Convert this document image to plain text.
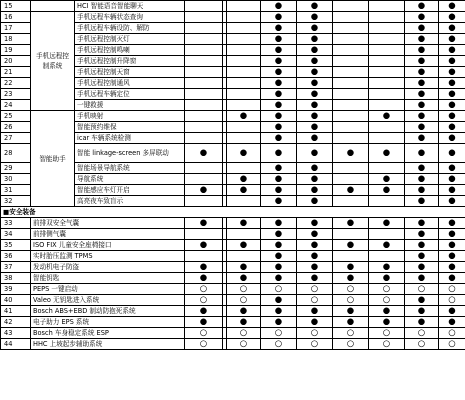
15		HCI 智能语音智能聊天				●	●			●	●
16	手机远程控制系统	手机远程车辆状态查询				●	●			●	●
17		手机远程车辆设防、解防				●	●			●	●
18		手机远程控制灭灯				●	●			●	●
19		手机远程控制鸣喇				●	●			●	●
20		手机远程控制升降窗				●	●			●	●
21		手机远程控制天窗				●	●			●	●
22		手机远程控制通风				●	●			●	●
23		手机远程车辆定位				●	●			●	●
24		一键救援				●	●			●	●
25	智能助手	手机映射			●	●	●		●	●	●
26		智能预约维保				●	●			●	●
27		icar 车辆系统检测				●	●			●	●
28		智能 linkage-screen 多屏联动	●		●	●	●	●	●	●	●
29		智能场景导航系统				●	●			●	●
30		导航系统			●	●	●		●	●	●
31		智能感应车灯开启	●		●	●	●	●	●	●	●
32		高亮夜车致盲示				●	●			●	●
■安全装备											
33	前排双安全气囊		●		●	●	●	●	●	●	●
34	前排侧气囊					●	●			●	●
35	ISO FIX 儿童安全座椅接口		●		●	●	●	●	●	●	●
36	实时胎压监测 TPMS					●	●			●	●
37	发动机电子防盗		●		●	●	●	●	●	●	●
38	智能钥匙		●		●	●	●	●	●	●	●
39	PEPS 一键启动		○		○	○	○	○	○	○	○
40	Valeo 无钥匙进入系统		○		○	●	○	○	○	●	○
41	Bosch ABS+EBD 制动防抱死系统		●		●	●	●	●	●	●	●
42	电子助力 EPS 系统		●		●	●	●	●	●	●	●
43	Bosch 车身稳定系统 ESP		○		○	○	○	○	○	○	○
44	HHC 上坡起步辅助系统		○		○	○	○	○	○	○	○
